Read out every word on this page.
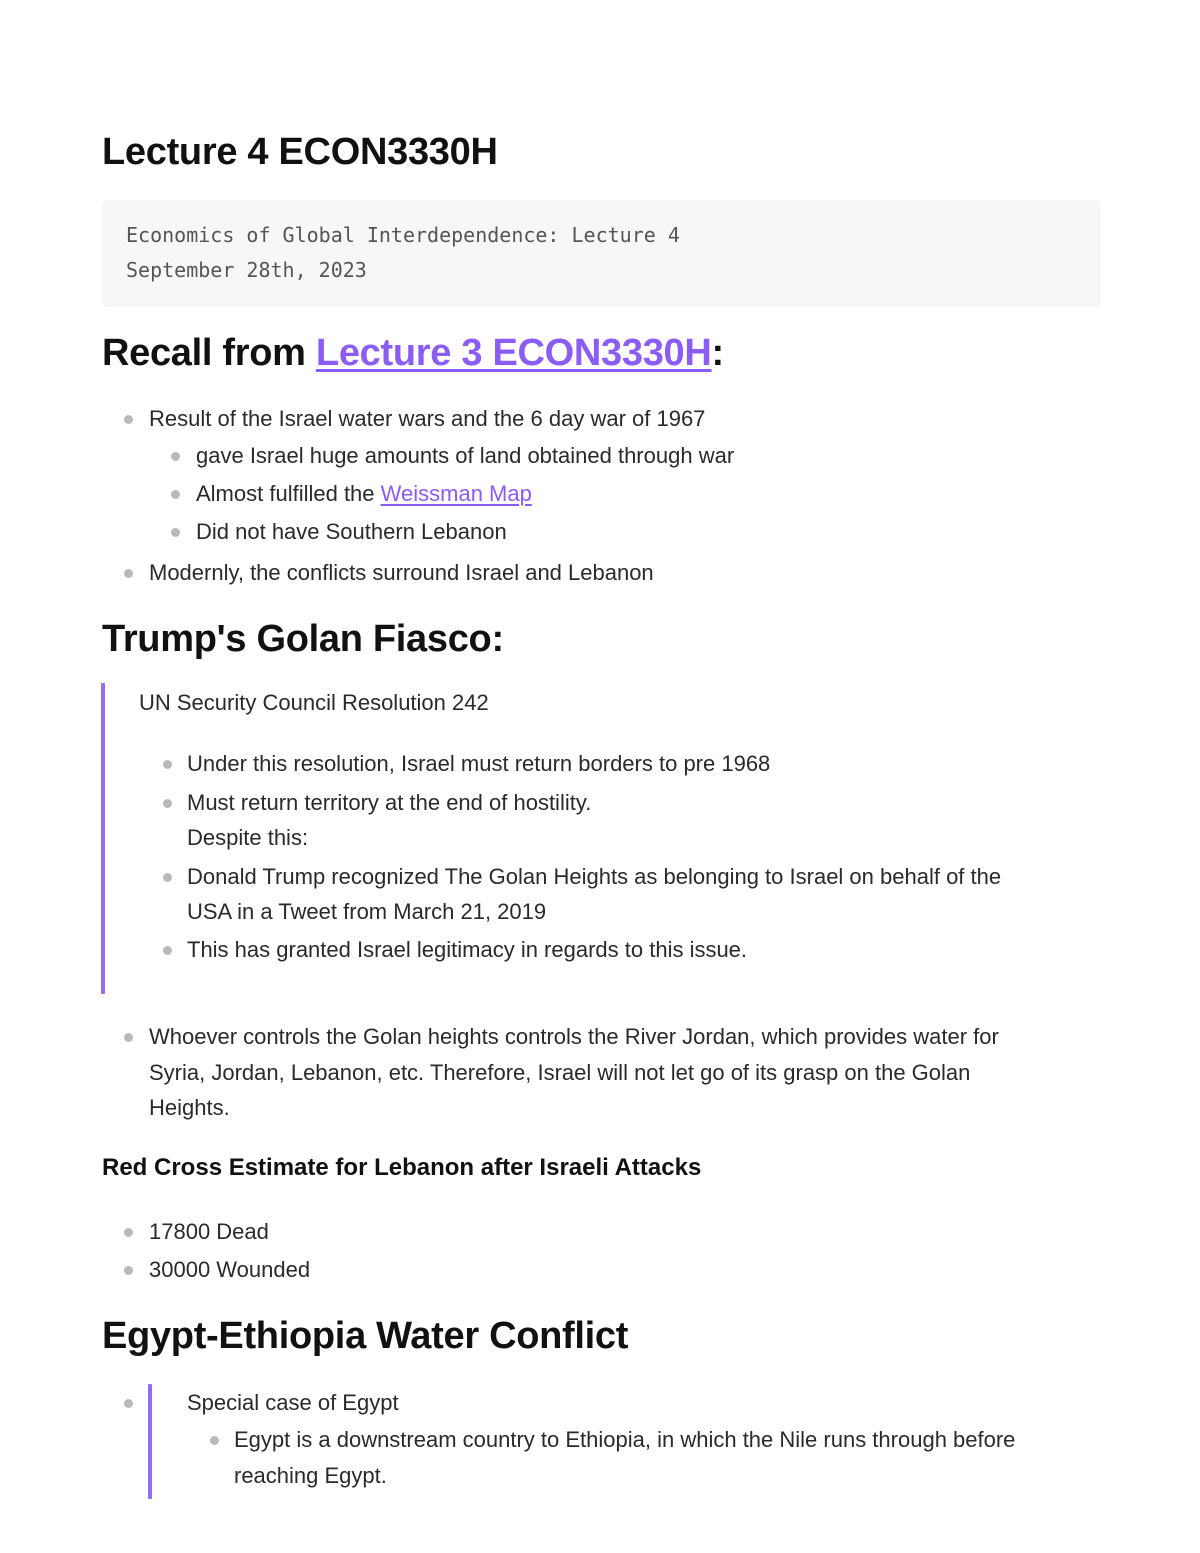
Lecture 4 ECON3330H
Economics of Global Interdependence: Lecture 4
September 28th, 2023
Recall from Lecture 3 ECON3330H:
Result of the Israel water wars and the 6 day war of 1967
gave Israel huge amounts of land obtained through war
Almost fulfilled the Weissman Map
Did not have Southern Lebanon
Modernly, the conflicts surround Israel and Lebanon
Trump's Golan Fiasco:
UN Security Council Resolution 242
Under this resolution, Israel must return borders to pre 1968
Must return territory at the end of hostility.
Despite this:
Donald Trump recognized The Golan Heights as belonging to Israel on behalf of the
USA in a Tweet from March 21, 2019
This has granted Israel legitimacy in regards to this issue.
Whoever controls the Golan heights controls the River Jordan, which provides water for
Syria, Jordan, Lebanon, etc. Therefore, Israel will not let go of its grasp on the Golan
Heights.
Red Cross Estimate for Lebanon after Israeli Attacks
17800 Dead
30000 Wounded
Egypt-Ethiopia Water Conflict
Special case of Egypt
Egypt is a downstream country to Ethiopia, in which the Nile runs through before
reaching Egypt.
